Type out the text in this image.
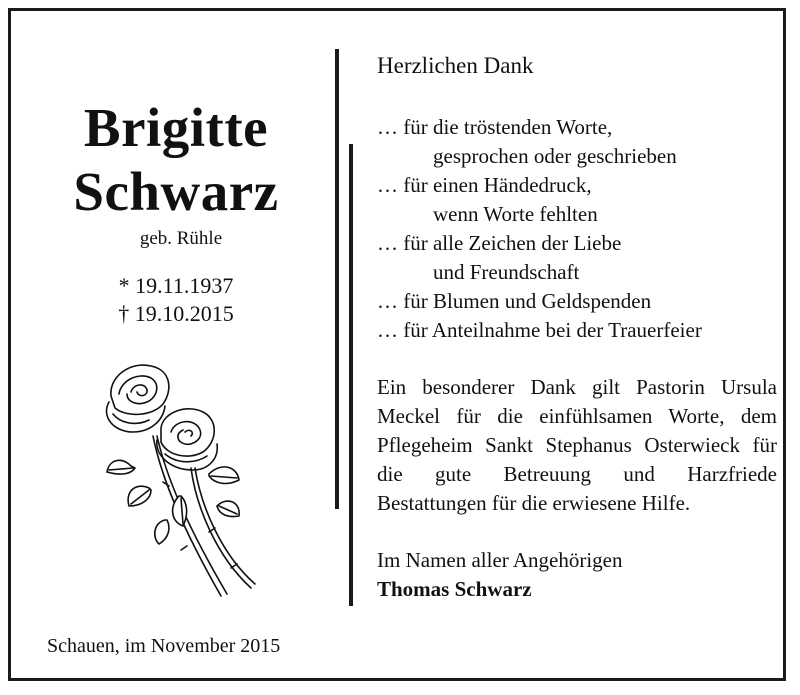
Brigitte
Schwarz
geb. Rühle
* 19.11.1937
† 19.10.2015
Schauen, im November 2015
Herzlichen Dank
… für die tröstenden Worte,
gesprochen oder geschrieben
… für einen Händedruck,
wenn Worte fehlten
… für alle Zeichen der Liebe
und Freundschaft
… für Blumen und Geldspenden
… für Anteilnahme bei der Trauerfeier
Ein besonderer Dank gilt Pastorin Ursula Meckel für die einfühlsamen Worte, dem Pflegeheim Sankt Stephanus Osterwieck für die gute Betreuung und Harzfriede Bestattungen für die erwiesene Hilfe.
Im Namen aller Angehörigen
Thomas Schwarz
